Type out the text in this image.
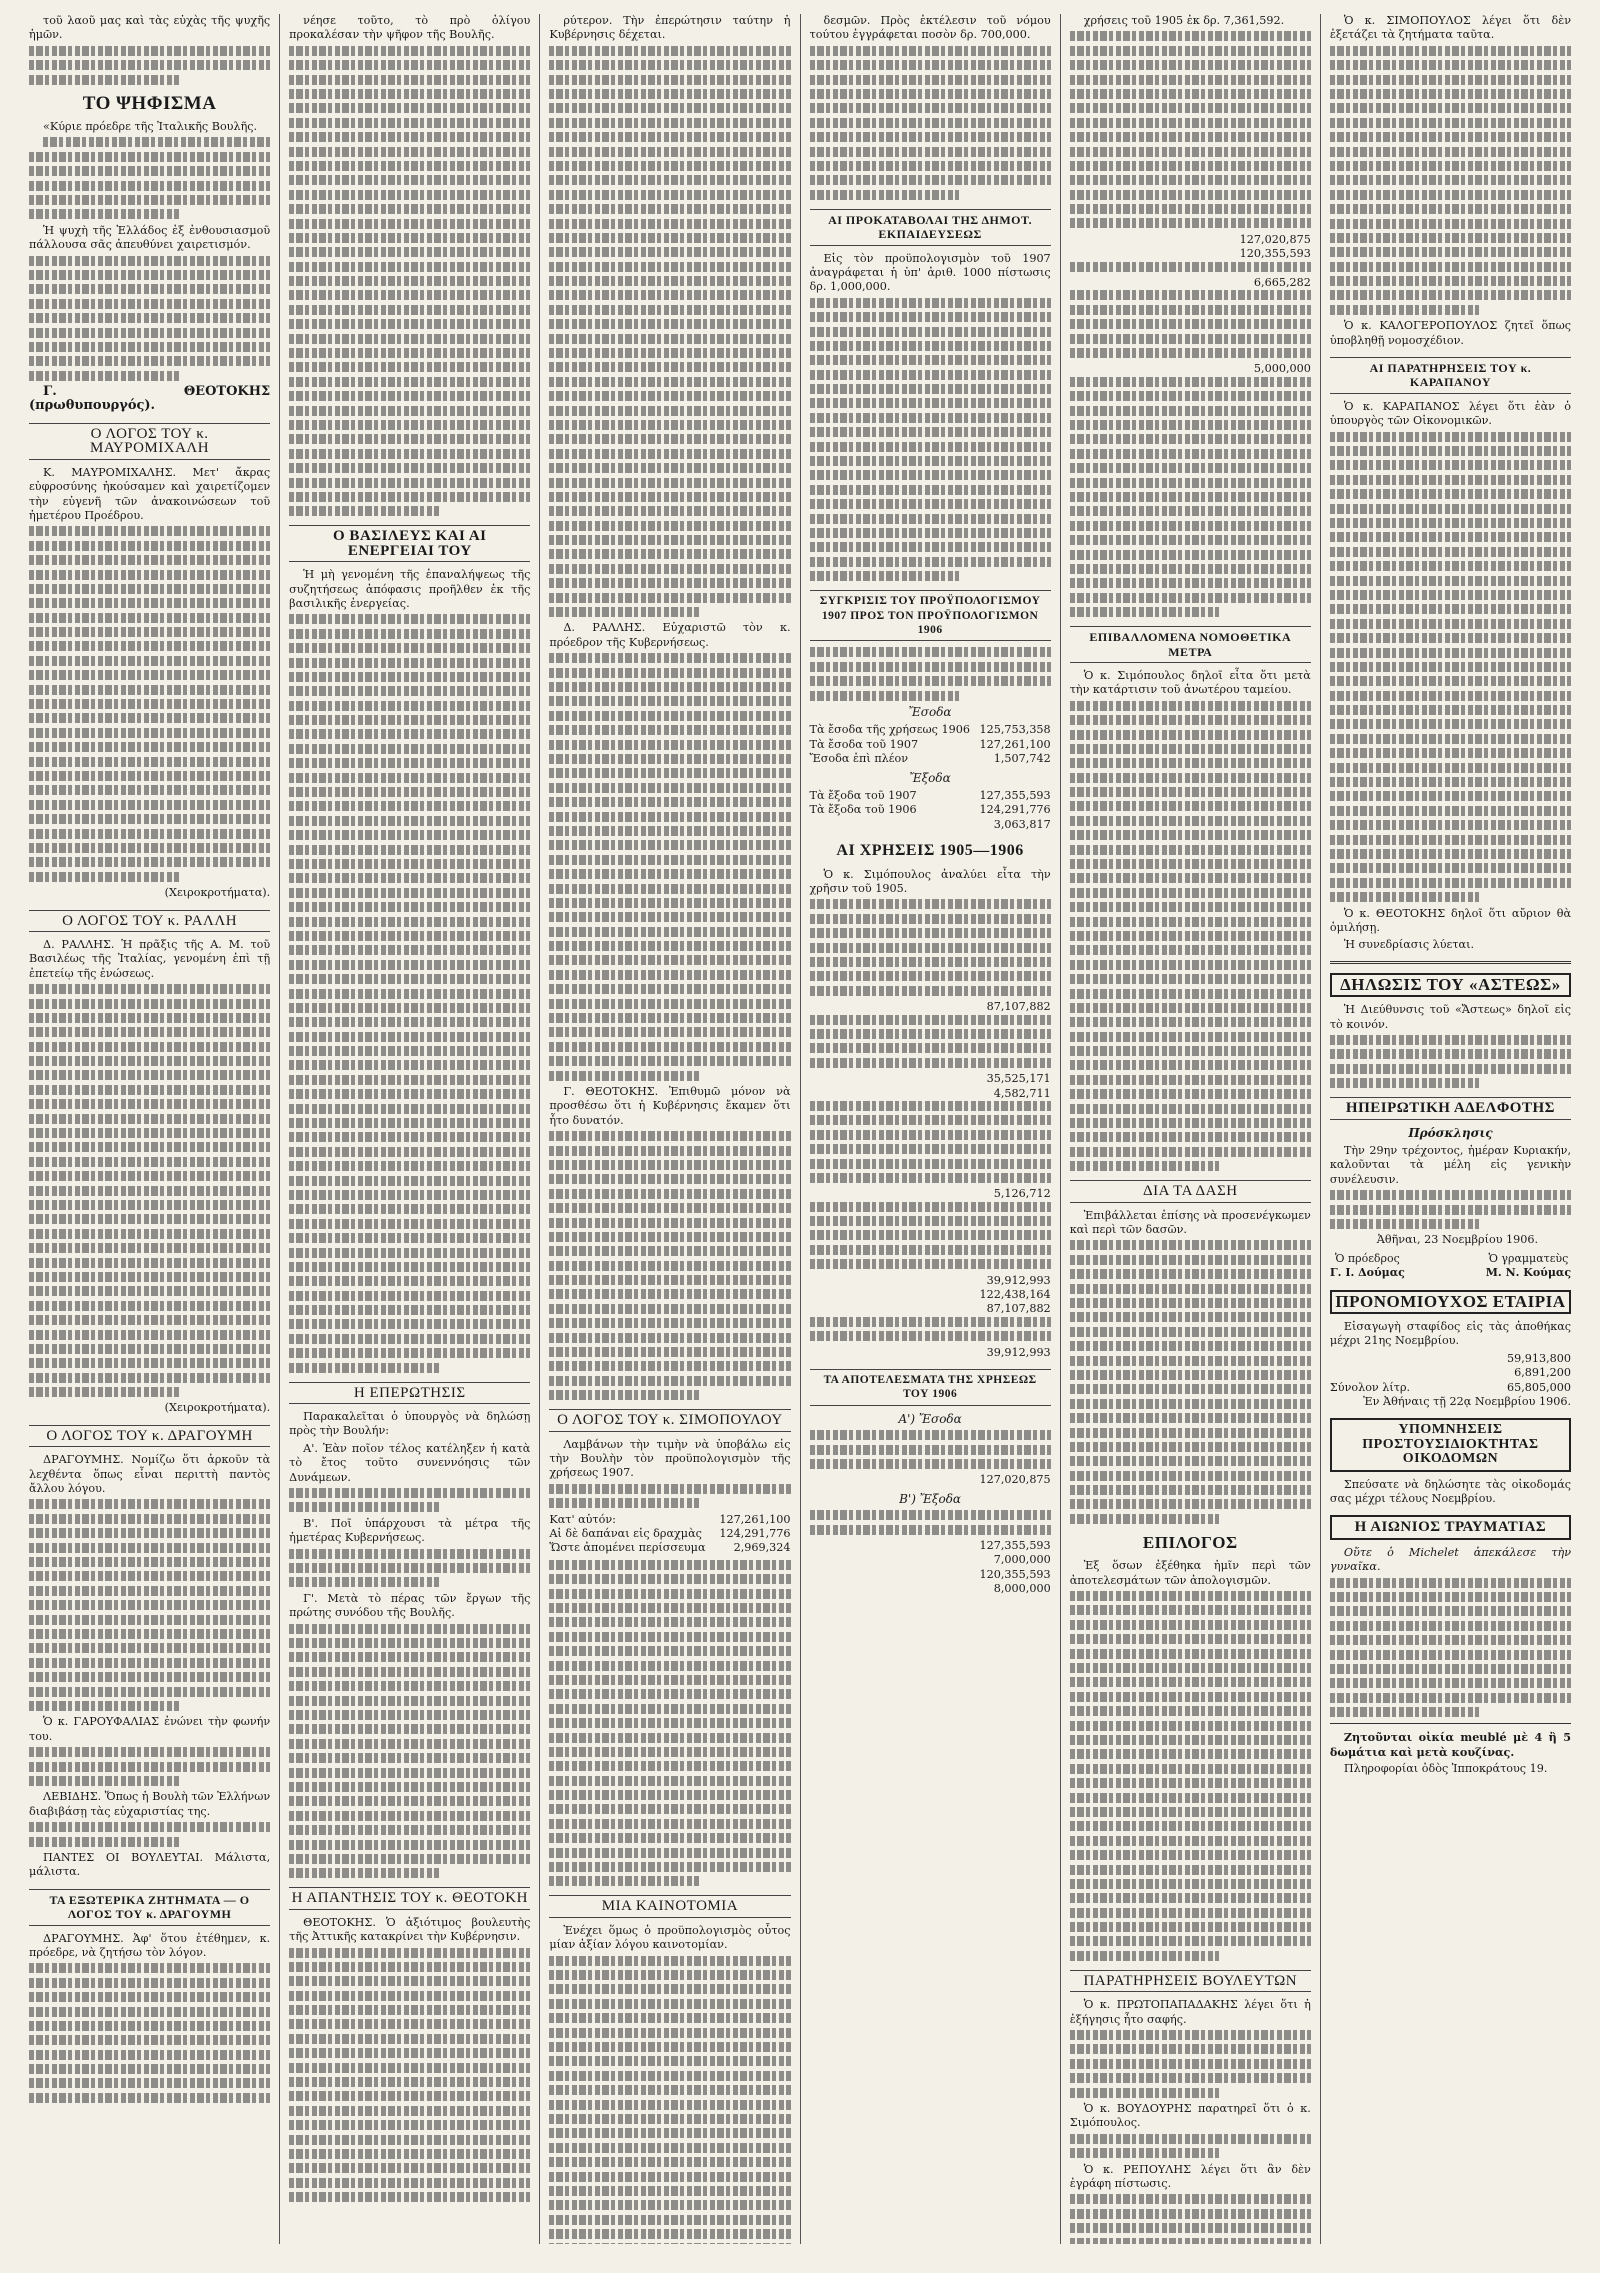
τοῦ λαοῦ μας καὶ τὰς εὐχὰς τῆς ψυχῆς ἡμῶν.

ΤΟ ΨΗΦΙΣΜΑ

«Κύριε πρόεδρε τῆς Ἰταλικῆς Βουλῆς.

Ἡ ψυχὴ τῆς Ἑλλάδος ἐξ ἐνθουσιασμοῦ πάλλουσα σᾶς ἀπευθύνει χαιρετισμόν.

Γ. ΘΕΟΤΟΚΗΣ (πρωθυπουργός).

Ο ΛΟΓΟΣ ΤΟΥ κ. ΜΑΥΡΟΜΙΧΑΛΗ

Κ. ΜΑΥΡΟΜΙΧΑΛΗΣ. Μετ' ἄκρας εὐφροσύνης ἠκούσαμεν καὶ χαιρετίζομεν τὴν εὐγενῆ τῶν ἀνακοινώσεων τοῦ ἡμετέρου Προέδρου.

(Χειροκροτήματα).

Ο ΛΟΓΟΣ ΤΟΥ κ. ΡΑΛΛΗ

Δ. ΡΑΛΛΗΣ. Ἡ πρᾶξις τῆς Α. Μ. τοῦ Βασιλέως τῆς Ἰταλίας, γενομένη ἐπὶ τῇ ἐπετείῳ τῆς ἐνώσεως.

(Χειροκροτήματα).

Ο ΛΟΓΟΣ ΤΟΥ κ. ΔΡΑΓΟΥΜΗ

ΔΡΑΓΟΥΜΗΣ. Νομίζω ὅτι ἀρκοῦν τὰ λεχθέντα ὅπως εἶναι περιττὴ παντὸς ἄλλου λόγου.

Ὁ κ. ΓΑΡΟΥΦΑΛΙΑΣ ἐνώνει τὴν φωνήν του.

ΛΕΒΙΔΗΣ. Ὅπως ἡ Βουλὴ τῶν Ἑλλήνων διαβιβάσῃ τὰς εὐχαριστίας της.

ΠΑΝΤΕΣ ΟΙ ΒΟΥΛΕΥΤΑΙ. Μάλιστα, μάλιστα.

ΤΑ ΕΞΩΤΕΡΙΚΑ ΖΗΤΗΜΑΤΑ — Ο ΛΟΓΟΣ ΤΟΥ κ. ΔΡΑΓΟΥΜΗ

ΔΡΑΓΟΥΜΗΣ. Ἀφ' ὅτου ἐτέθημεν, κ. πρόεδρε, νὰ ζητήσω τὸν λόγον.

νέησε τοῦτο, τὸ πρὸ ὀλίγου προκαλέσαν τὴν ψῆφον τῆς Βουλῆς.

Ο ΒΑΣΙΛΕΥΣ ΚΑΙ ΑΙ ΕΝΕΡΓΕΙΑΙ ΤΟΥ

Ἡ μὴ γενομένη τῆς ἐπαναλήψεως τῆς συζητήσεως ἀπόφασις προῆλθεν ἐκ τῆς βασιλικῆς ἐνεργείας.

Η ΕΠΕΡΩΤΗΣΙΣ

Παρακαλεῖται ὁ ὑπουργὸς νὰ δηλώσῃ πρὸς τὴν Βουλήν:

Α'. Ἐὰν ποῖον τέλος κατέληξεν ἡ κατὰ τὸ ἔτος τοῦτο συνεννόησις τῶν Δυνάμεων.

Β'. Ποῖ ὑπάρχουσι τὰ μέτρα τῆς ἡμετέρας Κυβερνήσεως.

Γ'. Μετὰ τὸ πέρας τῶν ἔργων τῆς πρώτης συνόδου τῆς Βουλῆς.

Η ΑΠΑΝΤΗΣΙΣ ΤΟΥ κ. ΘΕΟΤΟΚΗ

ΘΕΟΤΟΚΗΣ. Ὁ ἀξιότιμος βουλευτὴς τῆς Ἀττικῆς κατακρίνει τὴν Κυβέρνησιν.

ρύτερον. Τὴν ἐπερώτησιν ταύτην ἡ Κυβέρνησις δέχεται.

Δ. ΡΑΛΛΗΣ. Εὐχαριστῶ τὸν κ. πρόεδρον τῆς Κυβερνήσεως.

Γ. ΘΕΟΤΟΚΗΣ. Ἐπιθυμῶ μόνον νὰ προσθέσω ὅτι ἡ Κυβέρνησις ἔκαμεν ὅτι ἦτο δυνατόν.

Ο ΛΟΓΟΣ ΤΟΥ κ. ΣΙΜΟΠΟΥΛΟΥ

Λαμβάνων τὴν τιμὴν νὰ ὑποβάλω εἰς τὴν Βουλὴν τὸν προϋπολογισμὸν τῆς χρήσεως 1907.

Κατ' αὐτόν:	127,261,100
Αἱ δὲ δαπάναι εἰς δραχμὰς 124,291,776
Ὥστε ἀπομένει περίσσευμα	2,969,324
ΜΙΑ ΚΑΙΝΟΤΟΜΙΑ

Ἐνέχει ὅμως ὁ προϋπολογισμὸς οὗτος μίαν ἀξίαν λόγου καινοτομίαν.

δεσμῶν. Πρὸς ἐκτέλεσιν τοῦ νόμου τούτου ἐγγράφεται ποσὸν δρ. 700,000.

ΑΙ ΠΡΟΚΑΤΑΒΟΛΑΙ ΤΗΣ ΔΗΜΟΤ. ΕΚΠΑΙΔΕΥΣΕΩΣ

Εἰς τὸν προϋπολογισμὸν τοῦ 1907 ἀναγράφεται ἡ ὑπ' ἀριθ. 1000 πίστωσις δρ. 1,000,000.

ΣΥΓΚΡΙΣΙΣ ΤΟΥ ΠΡΟΫΠΟΛΟΓΙΣΜΟΥ 1907 ΠΡΟΣ ΤΟΝ ΠΡΟΫΠΟΛΟΓΙΣΜΟΝ 1906
Ἔσοδα
Τὰ ἔσοδα τῆς χρήσεως 1906 125,753,358
Τὰ ἔσοδα τοῦ 1907	127,261,100
Ἔσοδα ἐπὶ πλέον	1,507,742
Ἔξοδα
Τὰ ἔξοδα τοῦ 1907	127,355,593
Τὰ ἔξοδα τοῦ 1906	124,291,776
3,063,817
ΑΙ ΧΡΗΣΕΙΣ 1905—1906

Ὁ κ. Σιμόπουλος ἀναλύει εἶτα τὴν χρῆσιν τοῦ 1905.

87,107,882
35,525,171
4,582,711
5,126,712
39,912,993
122,438,164
87,107,882
39,912,993
ΤΑ ΑΠΟΤΕΛΕΣΜΑΤΑ ΤΗΣ ΧΡΗΣΕΩΣ ΤΟΥ 1906
Α') Ἔσοδα
127,020,875
Β') Ἔξοδα
127,355,593
7,000,000
120,355,593
8,000,000

χρήσεις τοῦ 1905 ἐκ δρ. 7,361,592.

127,020,875
120,355,593
6,665,282
5,000,000
ΕΠΙΒΑΛΛΟΜΕΝΑ ΝΟΜΟΘΕΤΙΚΑ ΜΕΤΡΑ

Ὁ κ. Σιμόπουλος δηλοῖ εἶτα ὅτι μετὰ τὴν κατάρτισιν τοῦ ἀνωτέρου ταμείου.

ΔΙΑ ΤΑ ΔΑΣΗ

Ἐπιβάλλεται ἐπίσης νὰ προσενέγκωμεν καὶ περὶ τῶν δασῶν.

ΕΠΙΛΟΓΟΣ

Ἐξ ὅσων ἐξέθηκα ἡμῖν περὶ τῶν ἀποτελεσμάτων τῶν ἀπολογισμῶν.

ΠΑΡΑΤΗΡΗΣΕΙΣ ΒΟΥΛΕΥΤΩΝ

Ὁ κ. ΠΡΩΤΟΠΑΠΑΔΑΚΗΣ λέγει ὅτι ἡ ἐξήγησις ἦτο σαφής.

Ὁ κ. ΒΟΥΔΟΥΡΗΣ παρατηρεῖ ὅτι ὁ κ. Σιμόπουλος.

Ὁ κ. ΡΕΠΟΥΛΗΣ λέγει ὅτι ἂν δὲν ἐγράφη πίστωσις.

Ὁ κ. ΣΙΜΟΠΟΥΛΟΣ λέγει ὅτι δὲν ἐξετάζει τὰ ζητήματα ταῦτα.

Ὁ κ. ΚΑΛΟΓΕΡΟΠΟΥΛΟΣ ζητεῖ ὅπως ὑποβληθῇ νομοσχέδιον.

ΑΙ ΠΑΡΑΤΗΡΗΣΕΙΣ ΤΟΥ κ. ΚΑΡΑΠΑΝΟΥ

Ὁ κ. ΚΑΡΑΠΑΝΟΣ λέγει ὅτι ἐὰν ὁ ὑπουργὸς τῶν Οἰκονομικῶν.

Ὁ κ. ΘΕΟΤΟΚΗΣ δηλοῖ ὅτι αὔριον θὰ ὁμιλήσῃ.

Ἡ συνεδρίασις λύεται.

ΔΗΛΩΣΙΣ ΤΟΥ «ΑΣΤΕΩΣ»

Ἡ Διεύθυνσις τοῦ «Ἄστεως» δηλοῖ εἰς τὸ κοινόν.

ΗΠΕΙΡΩΤΙΚΗ ΑΔΕΛΦΟΤΗΣ
Πρόσκλησις

Τὴν 29ην τρέχοντος, ἡμέραν Κυριακήν, καλοῦνται τὰ μέλη εἰς γενικὴν συνέλευσιν.

Ἀθῆναι, 23 Νοεμβρίου 1906.

Ὁ πρόεδρος
Γ. Ι. Δούμας
Ὁ γραμματεὺς
Μ. Ν. Κούμας
ΠΡΟΝΟΜΙΟΥΧΟΣ ΕΤΑΙΡΙΑ

Εἰσαγωγὴ σταφίδος εἰς τὰς ἀποθήκας μέχρι 21ης Νοεμβρίου.

59,913,800
6,891,200
Σύνολον λίτρ.	65,805,000

Ἐν Ἀθήναις τῇ 22ᾳ Νοεμβρίου 1906.

ΥΠΟΜΝΗΣΕΙΣ ΠΡΟΣΤΟΥΣΙΔΙΟΚΤΗΤΑΣ ΟΙΚΟΔΟΜΩΝ

Σπεύσατε νὰ δηλώσητε τὰς οἰκοδομάς σας μέχρι τέλους Νοεμβρίου.

Η ΑΙΩΝΙΟΣ ΤΡΑΥΜΑΤΙΑΣ

Οὔτε ὁ Michelet ἀπεκάλεσε τὴν γυναῖκα.

Ζητοῦνται οἰκία meublé μὲ 4 ἢ 5 δωμάτια καὶ μετὰ κουζίνας.

Πληροφορίαι ὁδὸς Ἱπποκράτους 19.
